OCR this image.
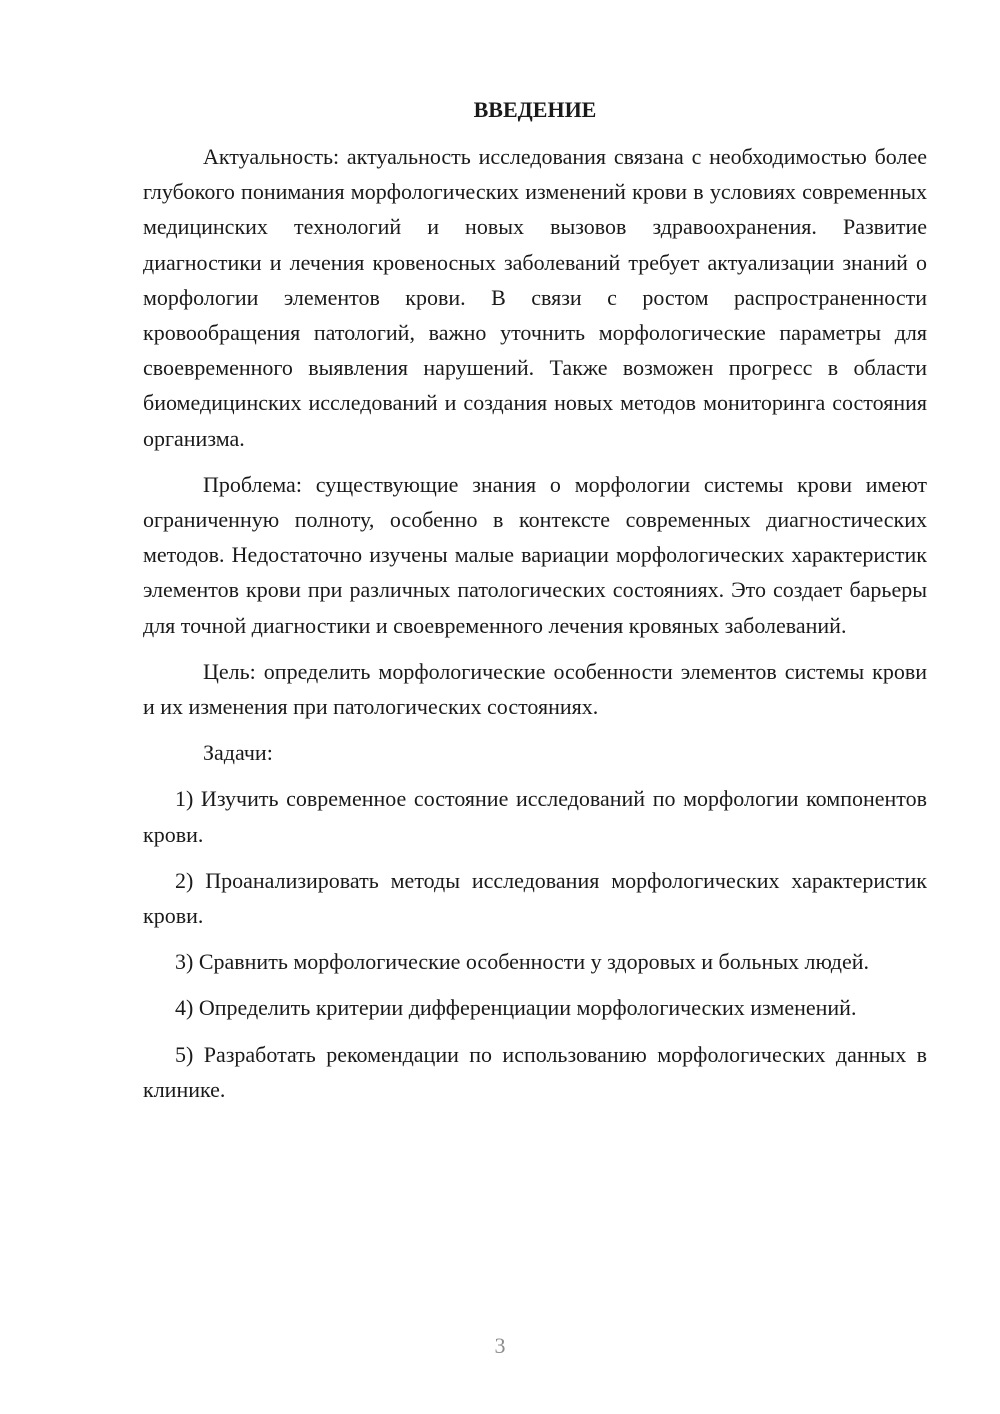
ВВЕДЕНИЕ

Актуальность: актуальность исследования связана с необходимостью более глубокого понимания морфологических изменений крови в условиях современных медицинских технологий и новых вызовов здравоохранения. Развитие диагностики и лечения кровеносных заболеваний требует актуализации знаний о морфологии элементов крови. В связи с ростом распространенности кровообращения патологий, важно уточнить морфологические параметры для своевременного выявления нарушений. Также возможен прогресс в области биомедицинских исследований и создания новых методов мониторинга состояния организма.

Проблема: существующие знания о морфологии системы крови имеют ограниченную полноту, особенно в контексте современных диагностических методов. Недостаточно изучены малые вариации морфологических характеристик элементов крови при различных патологических состояниях. Это создает барьеры для точной диагностики и своевременного лечения кровяных заболеваний.

Цель: определить морфологические особенности элементов системы крови и их изменения при патологических состояниях.

Задачи:

1) Изучить современное состояние исследований по морфологии компонентов крови.

2) Проанализировать методы исследования морфологических характеристик крови.

3) Сравнить морфологические особенности у здоровых и больных людей.

4) Определить критерии дифференциации морфологических изменений.

5) Разработать рекомендации по использованию морфологических данных в клинике.

3
